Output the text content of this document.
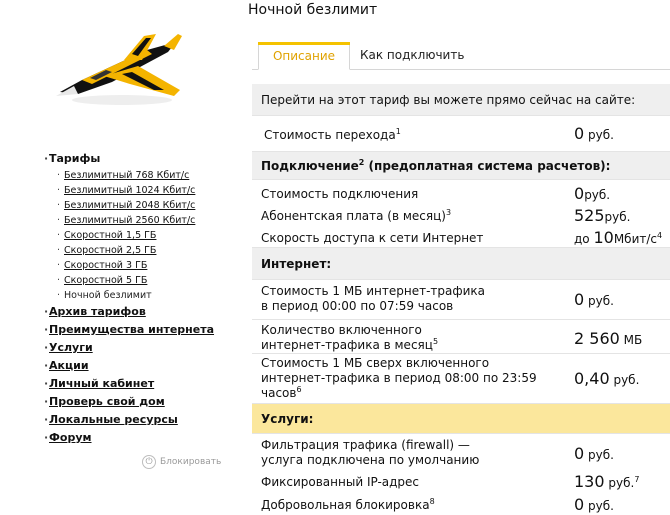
·Тарифы
· Безлимитный 768 Кбит/с
· Безлимитный 1024 Кбит/с
· Безлимитный 2048 Кбит/с
· Безлимитный 2560 Кбит/с
· Скоростной 1,5 ГБ
· Скоростной 2,5 ГБ
· Скоростной 3 ГБ
· Скоростной 5 ГБ
· Ночной безлимит
·Архив тарифов
·Преимущества интернета
·Услуги
·Акции
·Личный кабинет
·Проверь свой дом
·Локальные ресурсы
·Форум
⏻ Блокировать
Ночной безлимит
Описание	Как подключить
Перейти на этот тариф вы можете прямо сейчас на сайте:
Стоимость перехода$^1$	0 руб.
Подключение$^2$ (предоплатная система расчетов):
Стоимость подключения	0руб.
Абонентская плата (в месяц)$^3$	525руб.
Скорость доступа к сети Интернет	до $10Мбит/с^4$
Интернет:
Стоимость 1 МБ интернет-трафика
в период 00:00 по 07:59 часов	0 руб.
Количество включенного
интернет-трафика в месяц$^5$	2 560 МБ
Стоимость 1 МБ сверх включенного
интернет-трафика в период 08:00 по 23:59
часов$^6$
0,40 руб.
Услуги:
Фильтрация трафика (firewall) —
услуга подключена по умолчанию	0 руб.
Фиксированный IP-адрес	130 руб.$^7$
Добровольная блокировка$^8$	0 руб.
